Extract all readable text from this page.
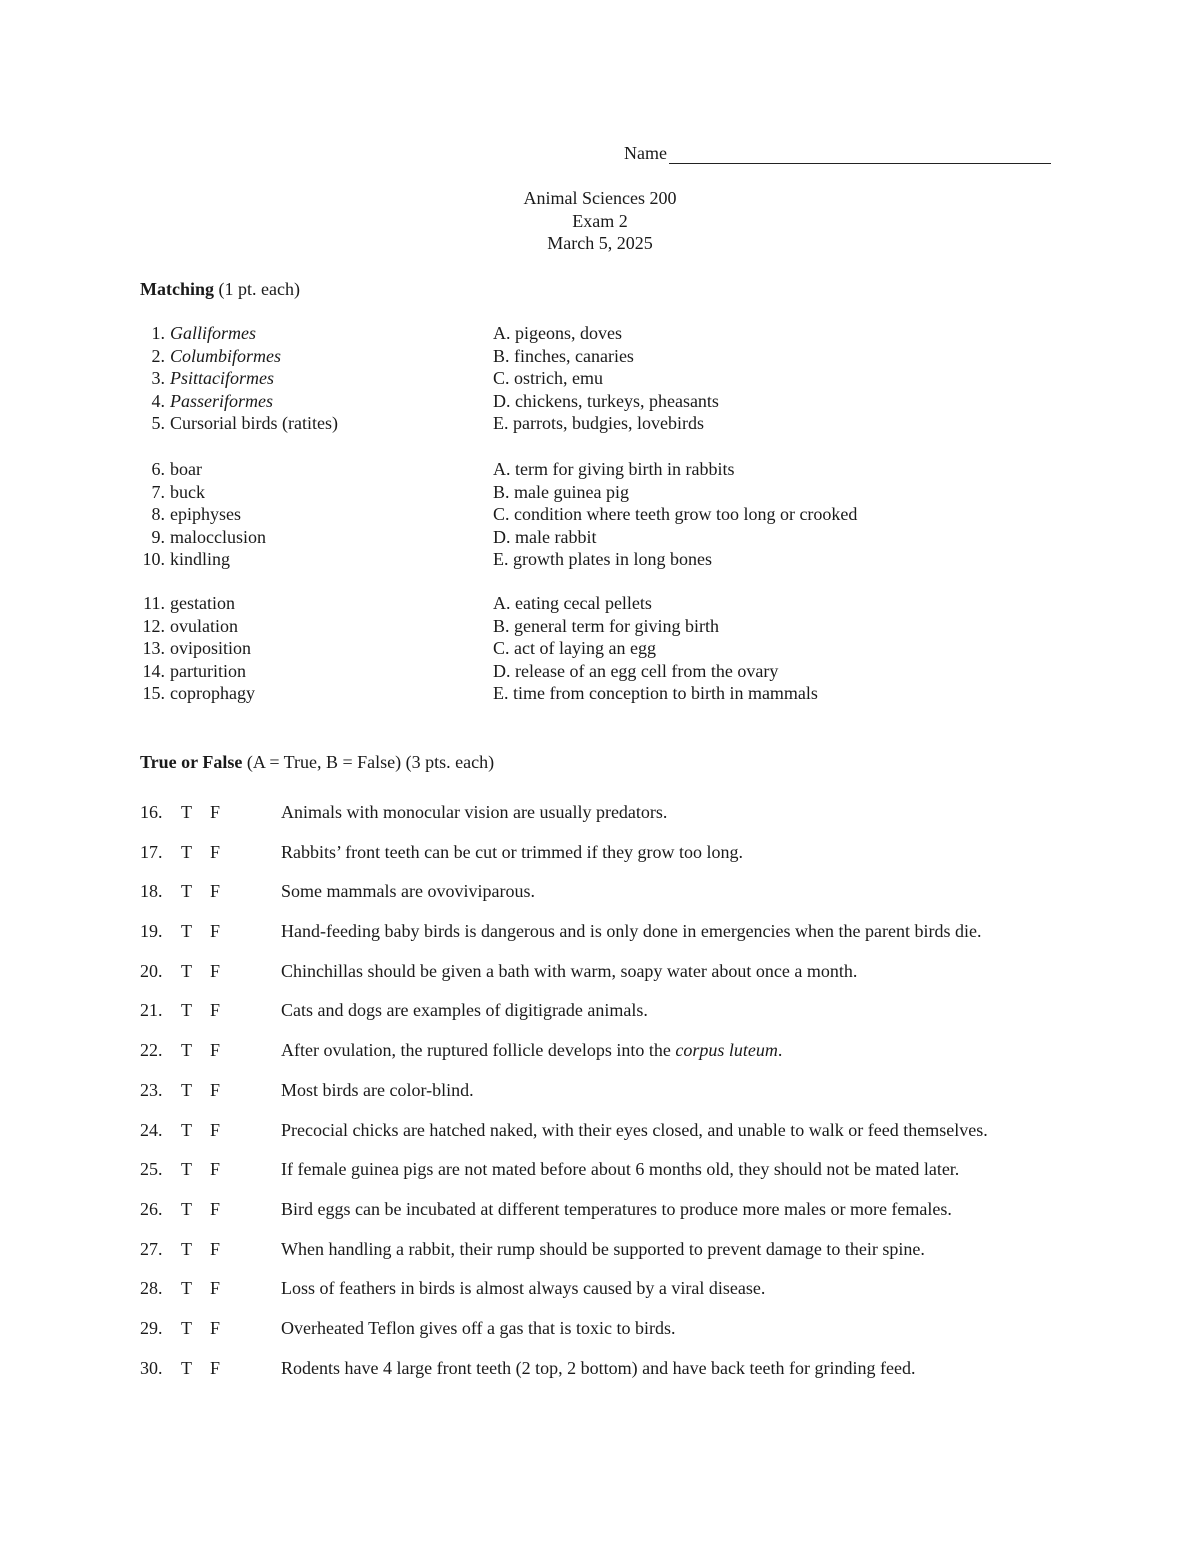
Name
Animal Sciences 200
Exam 2
March 5, 2025
Matching (1 pt. each)
1. Galliformes	A. pigeons, doves
2. Columbiformes	B. finches, canaries
3. Psittaciformes	C. ostrich, emu
4. Passeriformes	D. chickens, turkeys, pheasants
5. Cursorial birds (ratites)	E. parrots, budgies, lovebirds
6. boar	A. term for giving birth in rabbits
7. buck	B. male guinea pig
8. epiphyses	C. condition where teeth grow too long or crooked
9. malocclusion	D. male rabbit
10. kindling	E. growth plates in long bones
11. gestation	A. eating cecal pellets
12. ovulation	B. general term for giving birth
13. oviposition	C. act of laying an egg
14. parturition	D. release of an egg cell from the ovary
15. coprophagy	E. time from conception to birth in mammals
True or False (A = True, B = False) (3 pts. each)
16. T F	Animals with monocular vision are usually predators.
17. T F	Rabbits’ front teeth can be cut or trimmed if they grow too long.
18. T F	Some mammals are ovoviviparous.
19. T F	Hand-feeding baby birds is dangerous and is only done in emergencies when the parent birds die.
20. T F	Chinchillas should be given a bath with warm, soapy water about once a month.
21. T F	Cats and dogs are examples of digitigrade animals.
22. T F	After ovulation, the ruptured follicle develops into the corpus luteum.
23. T F	Most birds are color-blind.
24. T F	Precocial chicks are hatched naked, with their eyes closed, and unable to walk or feed themselves.
25. T F	If female guinea pigs are not mated before about 6 months old, they should not be mated later.
26. T F	Bird eggs can be incubated at different temperatures to produce more males or more females.
27. T F	When handling a rabbit, their rump should be supported to prevent damage to their spine.
28. T F	Loss of feathers in birds is almost always caused by a viral disease.
29. T F	Overheated Teflon gives off a gas that is toxic to birds.
30. T F	Rodents have 4 large front teeth (2 top, 2 bottom) and have back teeth for grinding feed.
